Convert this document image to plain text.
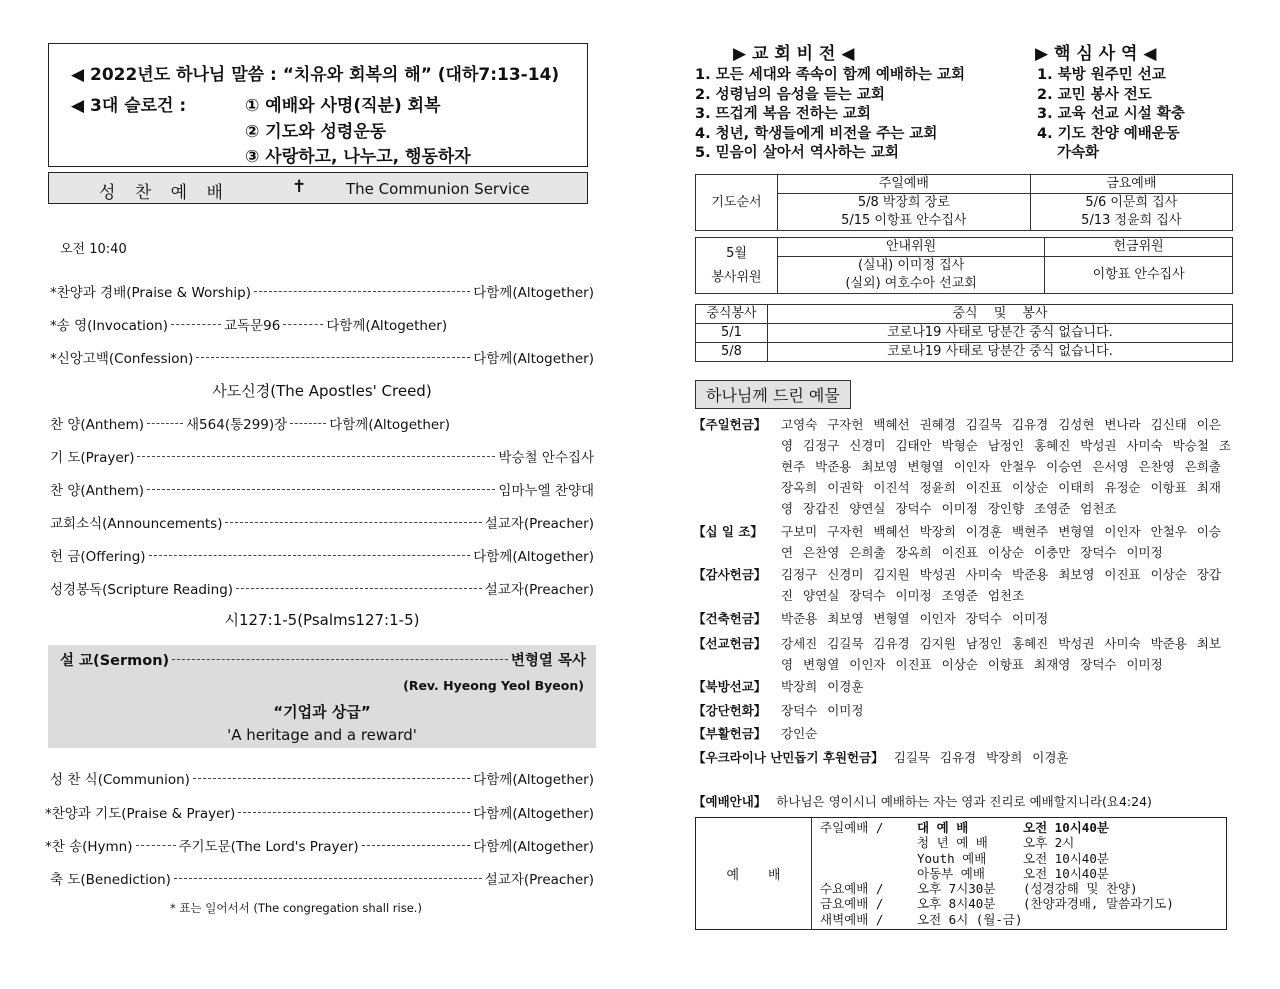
◀ 2022년도 하나님 말씀 : “치유와 회복의 해” (대하7:13-14)
◀ 3대 슬로건 :	① 예배와 사명(직분) 회복
② 기도와 성령운동
③ 사랑하고, 나누고, 행동하자
성 찬 예 배	✝	The Communion Service
오전 10:40
*찬양과 경배(Praise & Worship)	다함께(Altogether)
*송 영(Invocation)	교독문96	다함께(Altogether)
*신앙고백(Confession)	다함께(Altogether)
사도신경(The Apostles' Creed)
찬 양(Anthem)	새564(통299)장	다함께(Altogether)
기 도(Prayer)	박승철 안수집사
찬 양(Anthem)	임마누엘 찬양대
교회소식(Announcements)	설교자(Preacher)
헌 금(Offering)	다함께(Altogether)
성경봉독(Scripture Reading)	설교자(Preacher)
시127:1-5(Psalms127:1-5)
설 교(Sermon)	변형열 목사
(Rev. Hyeong Yeol Byeon)
“기업과 상급”
'A heritage and a reward'
성 찬 식(Communion)	다함께(Altogether)
*찬양과 기도(Praise & Prayer)	다함께(Altogether)
*찬 송(Hymn)	주기도문(The Lord's Prayer)	다함께(Altogether)
축 도(Benediction)	설교자(Preacher)
* 표는 일어서서 (The congregation shall rise.)
▶ 교 회 비 전 ◀
1. 모든 세대와 족속이 함께 예배하는 교회
2. 성령님의 음성을 듣는 교회
3. 뜨겁게 복음 전하는 교회
4. 청년, 학생들에게 비전을 주는 교회
5. 믿음이 살아서 역사하는 교회
▶ 핵 심 사 역 ◀
1. 북방 원주민 선교
2. 교민 봉사 전도
3. 교육 선교 시설 확충
4. 기도 찬양 예배운동
가속화
기도순서	주일예배	금요예배
	5/8 박장희 장로	5/6 이문희 집사
	5/15 이항표 안수집사	5/13 정윤희 집사
5월
봉사위원	안내위원	헌금위원
	(실내) 이미정 집사	이항표 안수집사
	(실외) 여호수아 선교회	
중식봉사	중식 및 봉사
5/1	코로나19 사태로 당분간 중식 없습니다.
5/8	코로나19 사태로 당분간 중식 없습니다.
하나님께 드린 예물
【주일헌금】	고영숙 구자헌 백혜선 권혜경 김길묵 김유경 김성현 변나라 김신태 이은영 김정구 신경미 김태안 박형순 남정인 홍혜진 박성권 사미숙 박승철 조현주 박준용 최보영 변형열 이인자 안철우 이승연 은서영 은찬영 은희출 장옥희 이권학 이진석 정윤희 이진표 이상순 이태희 유정순 이항표 최재영 장갑진 양연실 장덕수 이미정 장인향 조영준 엄천조
【십 일 조】	구보미 구자헌 백혜선 박장희 이경훈 백현주 변형열 이인자 안철우 이승연 은찬영 은희출 장옥희 이진표 이상순 이충만 장덕수 이미정
【감사헌금】	김정구 신경미 김지원 박성권 사미숙 박준용 최보영 이진표 이상순 장갑진 양연실 장덕수 이미정 조영준 엄천조
【건축헌금】	박준용 최보영 변형열 이인자 장덕수 이미정
【선교헌금】	강세진 김길묵 김유경 김지원 남정인 홍혜진 박성권 사미숙 박준용 최보영 변형열 이인자 이진표 이상순 이항표 최재영 장덕수 이미정
【북방선교】	박장희 이경훈
【강단헌화】	장덕수 이미정
【부활헌금】	강인순
【우크라이나 난민돕기 후원헌금】 김길묵 김유경 박장희 이경훈
【예배안내】 하나님은 영이시니 예배하는 자는 영과 진리로 예배할지니라(요4:24)
예       배
주일예배 /	대 예 배	오전 10시40분
청 년 예 배	오후 2시
Youth 예배	오전 10시40분
아동부 예배	오전 10시40분
수요예배 /	오후 7시30분	(성경강해 및 찬양)
금요예배 /	오후 8시40분	(찬양과경배, 말씀과기도)
새벽예배 /	오전 6시 (월-금)
